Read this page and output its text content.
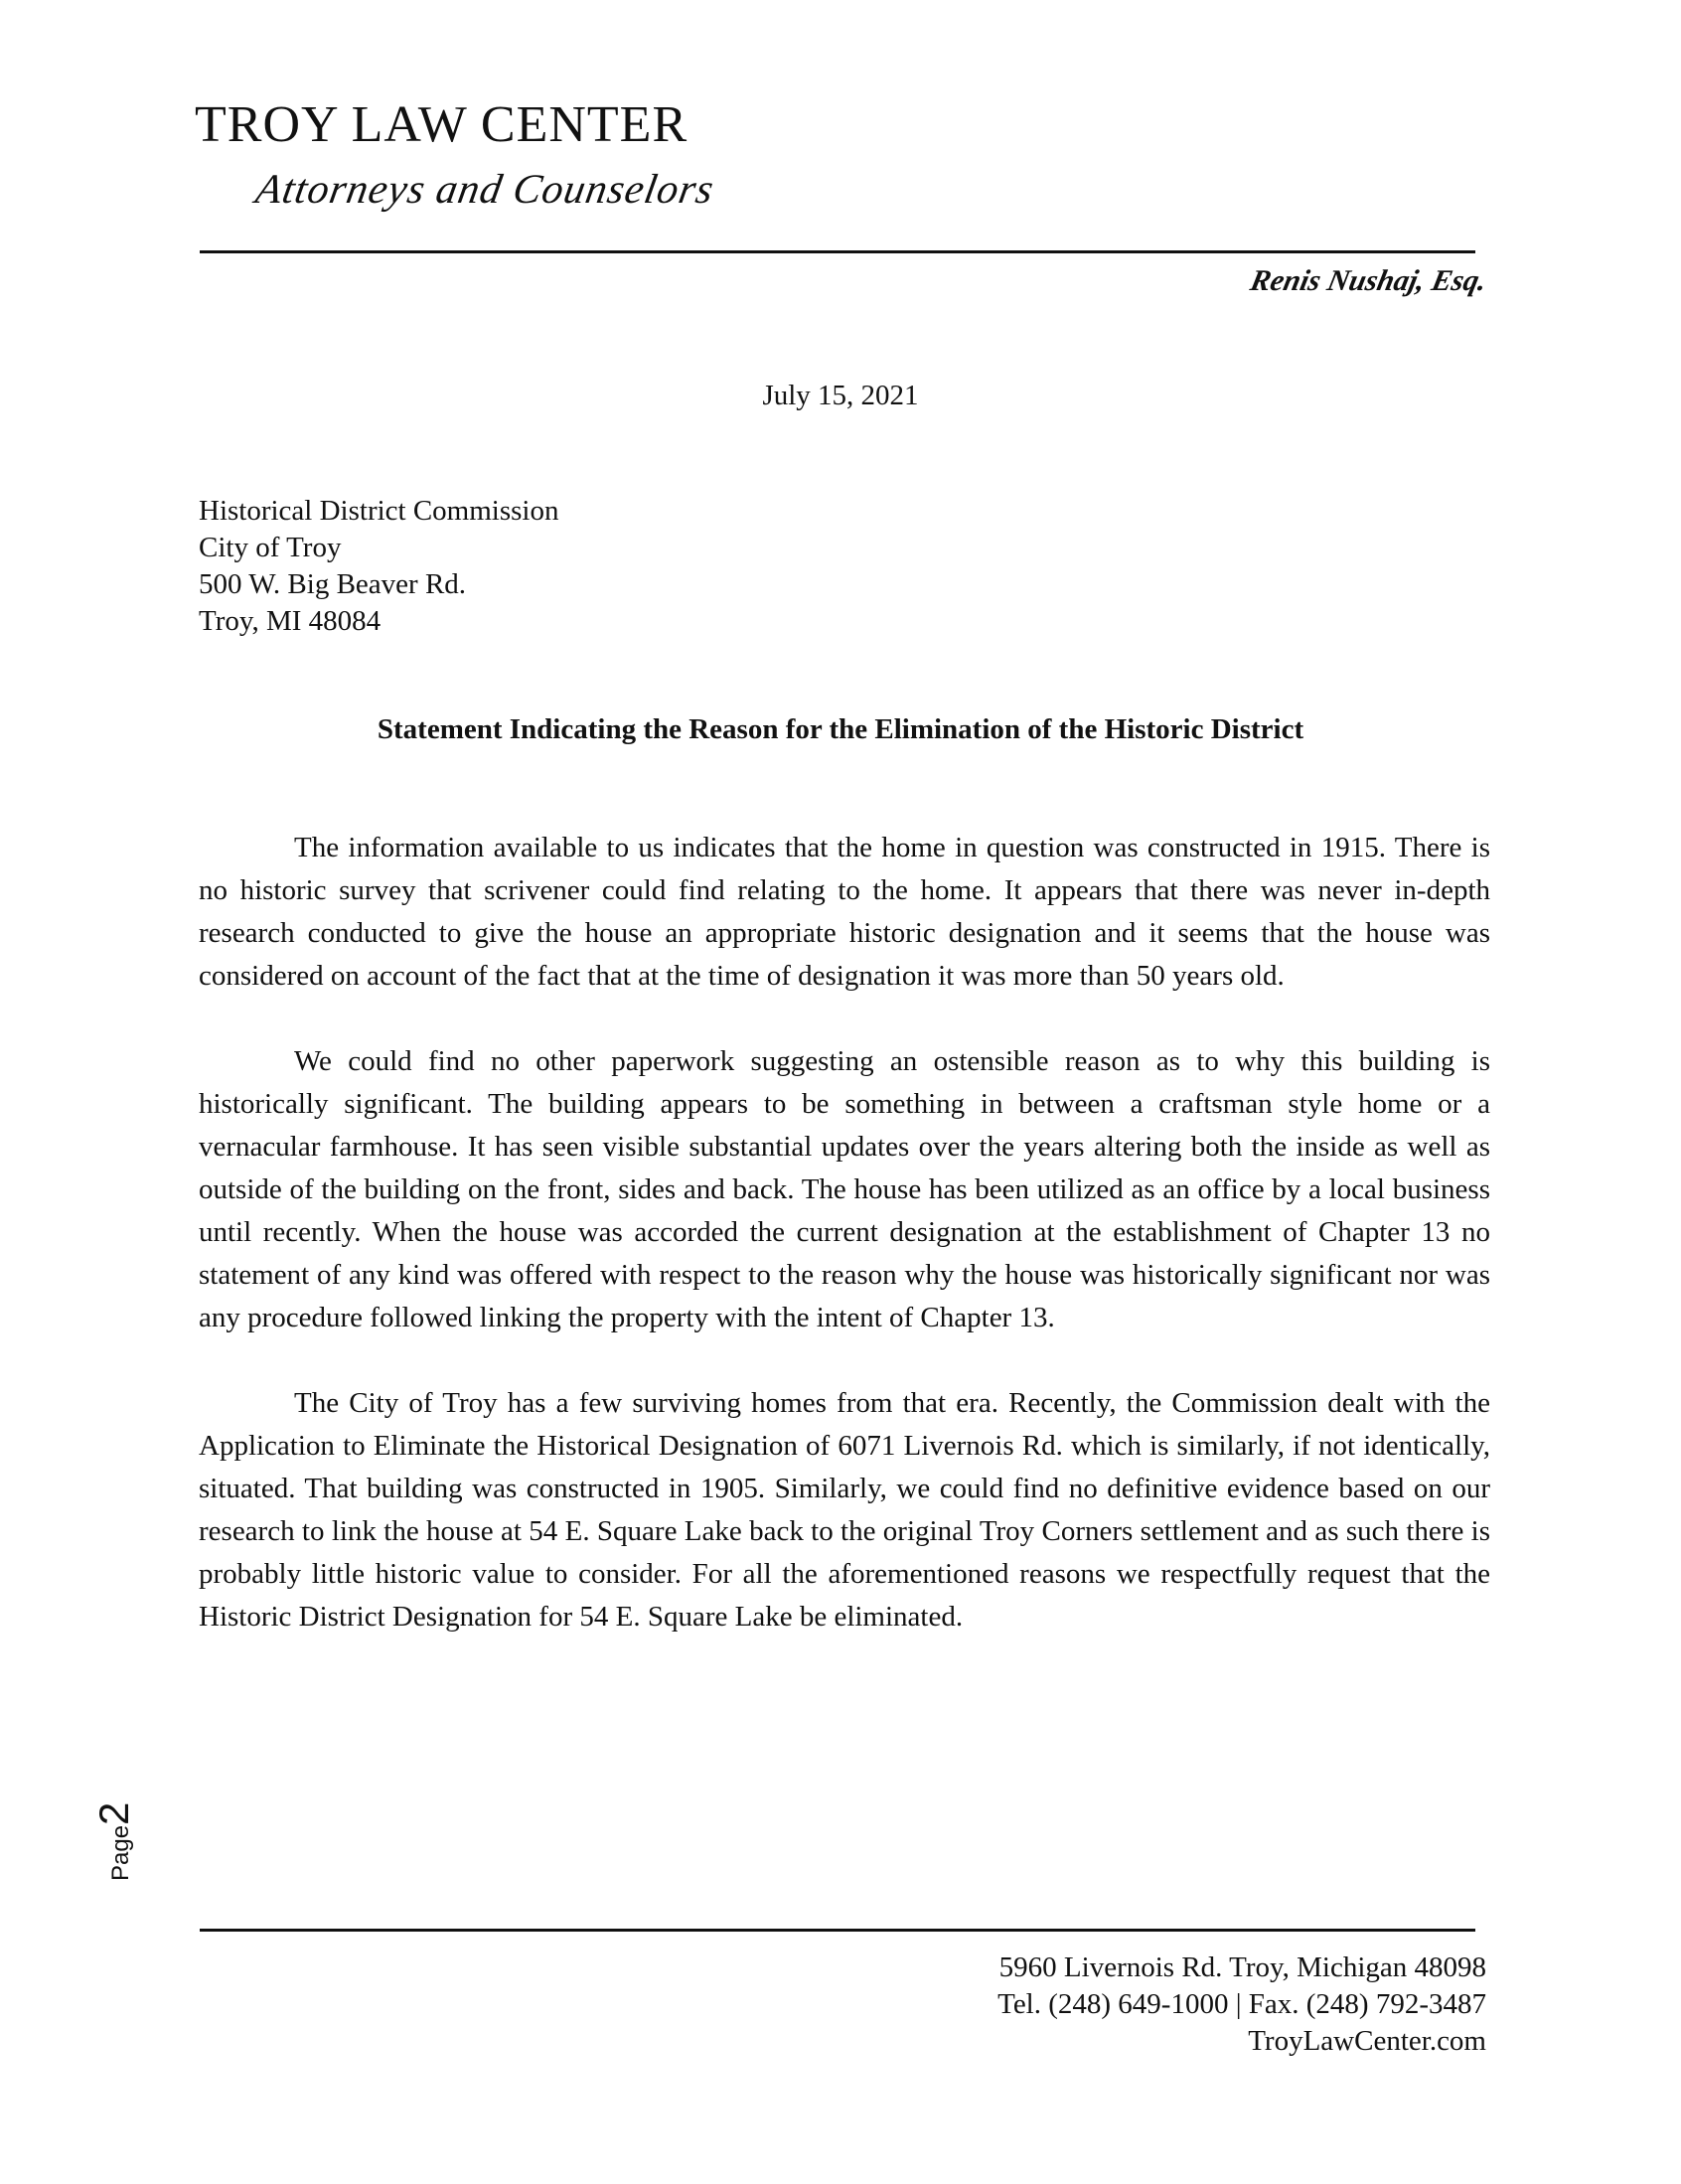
TROY LAW CENTER
Attorneys and Counselors
Renis Nushaj, Esq.
July 15, 2021
Historical District Commission
City of Troy
500 W. Big Beaver Rd.
Troy, MI 48084
Statement Indicating the Reason for the Elimination of the Historic District

The information available to us indicates that the home in question was constructed in 1915. There is no historic survey that scrivener could find relating to the home. It appears that there was never in-depth research conducted to give the house an appropriate historic designation and it seems that the house was considered on account of the fact that at the time of designation it was more than 50 years old.

We could find no other paperwork suggesting an ostensible reason as to why this building is historically significant. The building appears to be something in between a craftsman style home or a vernacular farmhouse. It has seen visible substantial updates over the years altering both the inside as well as outside of the building on the front, sides and back. The house has been utilized as an office by a local business until recently. When the house was accorded the current designation at the establishment of Chapter 13 no statement of any kind was offered with respect to the reason why the house was historically significant nor was any procedure followed linking the property with the intent of Chapter 13.

The City of Troy has a few surviving homes from that era. Recently, the Commission dealt with the Application to Eliminate the Historical Designation of 6071 Livernois Rd. which is similarly, if not identically, situated. That building was constructed in 1905. Similarly, we could find no definitive evidence based on our research to link the house at 54 E. Square Lake back to the original Troy Corners settlement and as such there is probably little historic value to consider. For all the aforementioned reasons we respectfully request that the Historic District Designation for 54 E. Square Lake be eliminated.

Page2
5960 Livernois Rd. Troy, Michigan 48098
Tel. (248) 649-1000 | Fax. (248) 792-3487
TroyLawCenter.com
